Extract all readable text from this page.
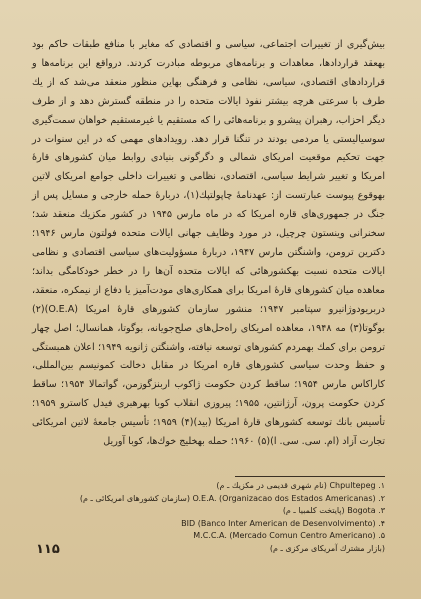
بیش‌گیری از تغییرات اجتماعی، سیاسی و اقتصادی که مغایر با منافع طبقات حاکم بود بهعقد قراردادها، معاهدات و برنامه‌های مربوطه مبادرت کردند. درواقع این برنامه‌ها و قراردادهای اقتصادی، سیاسی، نظامی و فرهنگی بهاین منظور منعقد می‌شد که از یك طرف با سرعتی هرچه بیشتر نفوذ ایالات متحده را در منطقه گسترش دهد و از طرف دیگر احزاب، رهبران پیشرو و برنامه‌هائی را که مستقیم یا غیرمستقیم خواهان سمت‌گیری سوسیالیستی یا مردمی بودند در تنگنا قرار دهد. رویدادهای مهمی که در این سنوات در جهت تحکیم موقعیت امریکای شمالی و دگرگونی بنیادی روابط میان کشورهای قارهٔ امریکا و تغییر شرایط سیاسی، اقتصادی، نظامی و تغییرات داخلی جوامع امریکای لاتین بهوقوع پیوست عبارتست از: عهدنامهٔ چاپولتپك(۱)، دربارهٔ حمله خارجی و مسایل پس از جنگ در جمهوری‌های قاره امریکا که در ماه مارس ۱۹۴۵ در کشور مکزیك منعقد شد؛ سخنرانی وینستون چرچیل، در مورد وظایف جهانی ایالات متحده فولتون مارس ۱۹۴۶؛ دکترین ترومن، واشنگتن مارس ۱۹۴۷، دربارهٔ مسؤولیت‌های سیاسی اقتصادی و نظامی ایالات متحده نسبت بهکشورهائی که ایالات متحده آن‌ها را در خطر خودکامگی بداند؛ معاهده میان کشورهای قارهٔ امریکا برای همکاری‌های مودت‌آمیز یا دفاع از نیمکره، منعقد، دربریودوژانیرو سپتامبر ۱۹۴۷؛ منشور سازمان کشورهای قارهٔ امریکا (O.E.A)(۲) بوگوتا(۳) مه ۱۹۴۸، معاهده امریکای راه‌حل‌های صلح‌جویانه، بوگوتا، همانسال؛ اصل چهار ترومن برای کمك بهمردم کشورهای توسعه نیافته، واشنگتن ژانویه ۱۹۴۹؛ اعلان همبستگی و حفظ وحدت سیاسی کشورهای قاره امریکا در مقابل دخالت کمونیسم بین‌المللی، کاراکاس مارس ۱۹۵۴؛ ساقط کردن حکومت ژاکوب اربنزگوزمن، گواتمالا ۱۹۵۴؛ ساقط کردن حکومت پرون، آرژانتین، ۱۹۵۵؛ پیروزی انقلاب کوبا بهرهبری فیدل کاسترو ۱۹۵۹؛ تأسیس بانك توسعه کشورهای قارهٔ امریکا (بید)(۴) ۱۹۵۹؛ تأسیس جامعهٔ لاتین امریکائی تجارت آزاد (ام. سی. سی. ا)(۵) ۱۹۶۰؛ حمله بهخلیج خوك‌ها، کوبا آوریل
۱. Chpultepeg (نام شهری قدیمی در مکزیك ـ م)
۲. O.E.A. (Organizacao dos Estados Americanas) (سازمان کشورهای امریکائی ـ م)
۳. Bogota (پایتخت کلمبیا ـ م)
۴. BID (Banco Inter American de Desenvolvimento)
۵. M.C.C.A. (Mercado Comun Centro Americano)
(بازار مشترك آمریکای مرکزی ـ م)
۱۱۵
